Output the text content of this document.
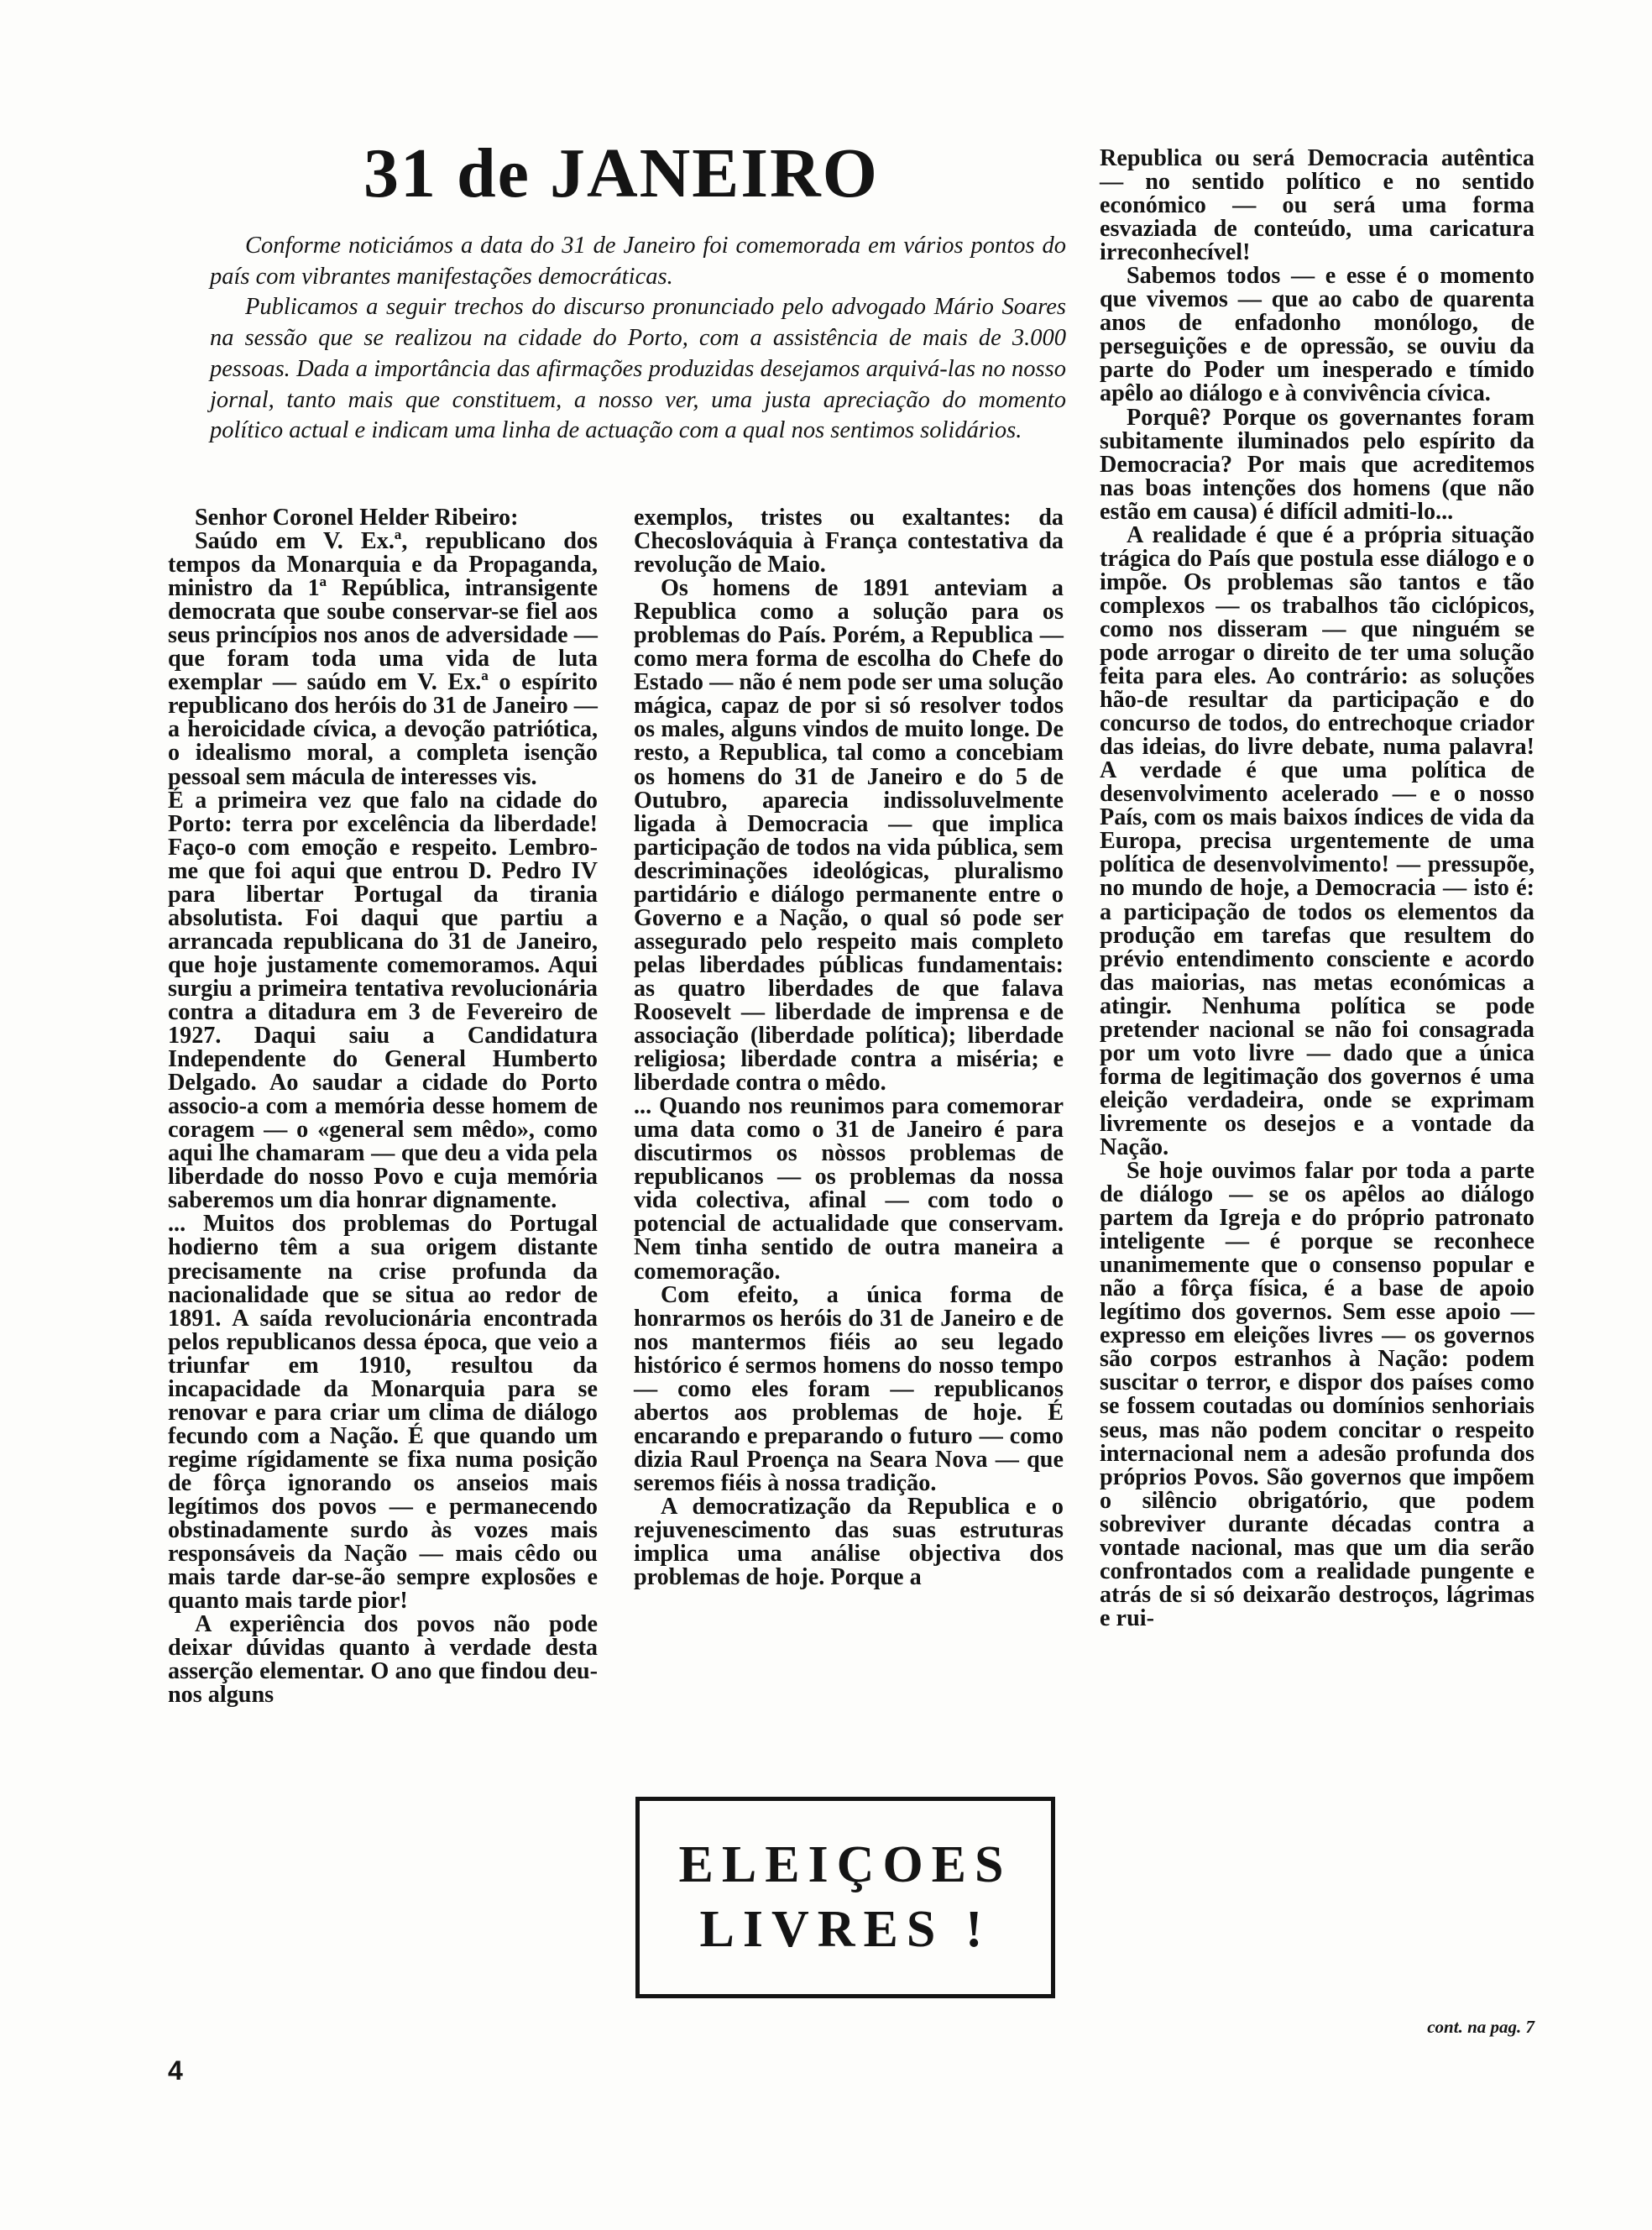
31 de JANEIRO

Conforme noticiámos a data do 31 de Janeiro foi comemorada em vários pontos do país com vibrantes manifestações democráticas.

Publicamos a seguir trechos do discurso pronunciado pelo advogado Mário Soares na sessão que se realizou na cidade do Porto, com a assistência de mais de 3.000 pessoas. Dada a importância das afirmações produzidas desejamos arquivá-las no nosso jornal, tanto mais que constituem, a nosso ver, uma justa apreciação do momento político actual e indicam uma linha de actuação com a qual nos sentimos solidários.

Senhor Coronel Helder Ribeiro:

Saúdo em V. Ex.ª, republicano dos tempos da Monarquia e da Propaganda, ministro da 1ª República, intransigente democrata que soube conservar-se fiel aos seus princípios nos anos de adversidade — que foram toda uma vida de luta exemplar — saúdo em V. Ex.ª o espírito republicano dos heróis do 31 de Janeiro — a heroicidade cívica, a devoção patriótica, o idealismo moral, a completa isenção pessoal sem mácula de interesses vis.

É a primeira vez que falo na cidade do Porto: terra por excelência da liberdade! Faço-o com emoção e respeito. Lembro-me que foi aqui que entrou D. Pedro IV para libertar Portugal da tirania absolutista. Foi daqui que partiu a arrancada republicana do 31 de Janeiro, que hoje justamente comemoramos. Aqui surgiu a primeira tentativa revolucionária contra a ditadura em 3 de Fevereiro de 1927. Daqui saiu a Candidatura Independente do General Humberto Delgado. Ao saudar a cidade do Porto associo-a com a memória desse homem de coragem — o «general sem mêdo», como aqui lhe chamaram — que deu a vida pela liberdade do nosso Povo e cuja memória saberemos um dia honrar dignamente.

... Muitos dos problemas do Portugal hodierno têm a sua origem distante precisamente na crise profunda da nacionalidade que se situa ao redor de 1891. A saída revolucionária encontrada pelos republicanos dessa época, que veio a triunfar em 1910, resultou da incapacidade da Monarquia para se renovar e para criar um clima de diálogo fecundo com a Nação. É que quando um regime rígidamente se fixa numa posição de fôrça ignorando os anseios mais legítimos dos povos — e permanecendo obstinadamente surdo às vozes mais responsáveis da Nação — mais cêdo ou mais tarde dar-se-ão sempre explosões e quanto mais tarde pior!

A experiência dos povos não pode deixar dúvidas quanto à verdade desta asserção elementar. O ano que findou deu-nos alguns

exemplos, tristes ou exaltantes: da Checoslováquia à França contestativa da revolução de Maio.

Os homens de 1891 anteviam a Republica como a solução para os problemas do País. Porém, a Republica — como mera forma de escolha do Chefe do Estado — não é nem pode ser uma solução mágica, capaz de por si só resolver todos os males, alguns vindos de muito longe. De resto, a Republica, tal como a concebiam os homens do 31 de Janeiro e do 5 de Outubro, aparecia indissoluvelmente ligada à Democracia — que implica participação de todos na vida pública, sem descriminações ideológicas, pluralismo partidário e diálogo permanente entre o Governo e a Nação, o qual só pode ser assegurado pelo respeito mais completo pelas liberdades públicas fundamentais: as quatro liberdades de que falava Roosevelt — liberdade de imprensa e de associação (liberdade política); liberdade religiosa; liberdade contra a miséria; e liberdade contra o mêdo.

... Quando nos reunimos para comemorar uma data como o 31 de Janeiro é para discutirmos os nòssos problemas de republicanos — os problemas da nossa vida colectiva, afinal — com todo o potencial de actualidade que conservam. Nem tinha sentido de outra maneira a comemoração.

Com efeito, a única forma de honrarmos os heróis do 31 de Janeiro e de nos mantermos fiéis ao seu legado histórico é sermos homens do nosso tempo — como eles foram — republicanos abertos aos problemas de hoje. É encarando e preparando o futuro — como dizia Raul Proença na Seara Nova — que seremos fiéis à nossa tradição.

A democratização da Republica e o rejuvenescimento das suas estruturas implica uma análise objectiva dos problemas de hoje. Porque a

Republica ou será Democracia autêntica — no sentido político e no sentido económico — ou será uma forma esvaziada de conteúdo, uma caricatura irreconhecível!

Sabemos todos — e esse é o momento que vivemos — que ao cabo de quarenta anos de enfadonho monólogo, de perseguições e de opressão, se ouviu da parte do Poder um inesperado e tímido apêlo ao diálogo e à convivência cívica.

Porquê? Porque os governantes foram subitamente iluminados pelo espírito da Democracia? Por mais que acreditemos nas boas intenções dos homens (que não estão em causa) é difícil admiti-lo...

A realidade é que é a própria situação trágica do País que postula esse diálogo e o impõe. Os problemas são tantos e tão complexos — os trabalhos tão ciclópicos, como nos disseram — que ninguém se pode arrogar o direito de ter uma solução feita para eles. Ao contrário: as soluções hão-de resultar da participação e do concurso de todos, do entrechoque criador das ideias, do livre debate, numa palavra! A verdade é que uma política de desenvolvimento acelerado — e o nosso País, com os mais baixos índices de vida da Europa, precisa urgentemente de uma política de desenvolvimento! — pressupõe, no mundo de hoje, a Democracia — isto é: a participação de todos os elementos da produção em tarefas que resultem do prévio entendimento consciente e acordo das maiorias, nas metas económicas a atingir. Nenhuma política se pode pretender nacional se não foi consagrada por um voto livre — dado que a única forma de legitimação dos governos é uma eleição verdadeira, onde se exprimam livremente os desejos e a vontade da Nação.

Se hoje ouvimos falar por toda a parte de diálogo — se os apêlos ao diálogo partem da Igreja e do próprio patronato inteligente — é porque se reconhece unanimemente que o consenso popular e não a fôrça física, é a base de apoio legítimo dos governos. Sem esse apoio — expresso em eleições livres — os governos são corpos estranhos à Nação: podem suscitar o terror, e dispor dos países como se fossem coutadas ou domínios senhoriais seus, mas não podem concitar o respeito internacional nem a adesão profunda dos próprios Povos. São governos que impõem o silêncio obrigatório, que podem sobreviver durante décadas contra a vontade nacional, mas que um dia serão confrontados com a realidade pungente e atrás de si só deixarão destroços, lágrimas e rui-

ELEIÇOES
LIVRES !
cont. na pag. 7
4
